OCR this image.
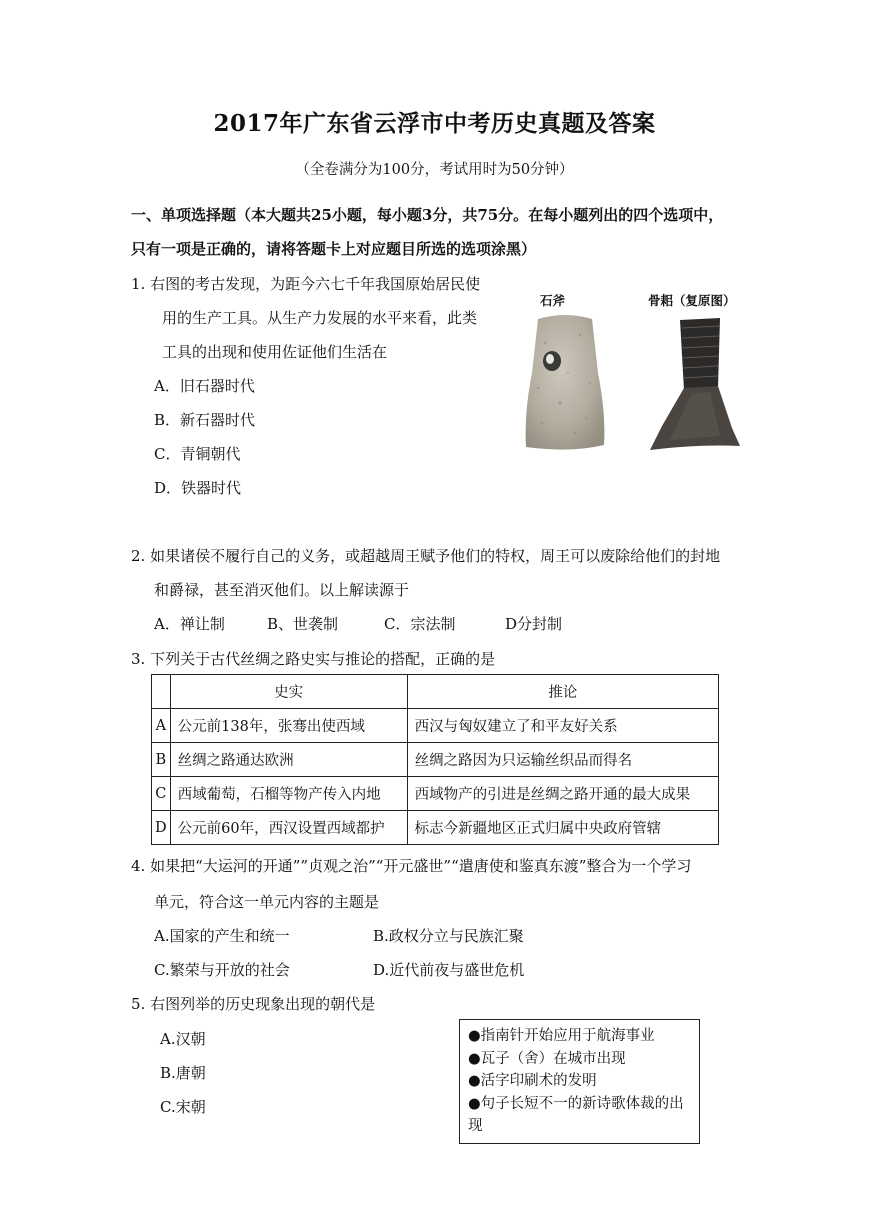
2017年广东省云浮市中考历史真题及答案
（全卷满分为100分，考试用时为50分钟）
一、单项选择题（本大题共25小题，每小题3分，共75分。在每小题列出的四个选项中，
只有一项是正确的，请将答题卡上对应题目所选的选项涂黑）
1. 右图的考古发现，为距今六七千年我国原始居民使
用的生产工具。从生产力发展的水平来看，此类
工具的出现和使用佐证他们生活在
A．旧石器时代
B．新石器时代
C．青铜朝代
D．铁器时代
石斧	骨耜（复原图）
2. 如果诸侯不履行自己的义务，或超越周王赋予他们的特权，周王可以废除给他们的封地
和爵禄，甚至消灭他们。以上解读源于
A．禅让制	B、世袭制	C．宗法制	D分封制
3. 下列关于古代丝绸之路史实与推论的搭配，正确的是
	史实	推论
A	公元前138年，张骞出使西域	西汉与匈奴建立了和平友好关系
B	丝绸之路通达欧洲	丝绸之路因为只运输丝织品而得名
C	西域葡萄，石榴等物产传入内地	西域物产的引进是丝绸之路开通的最大成果
D	公元前60年，西汉设置西域都护	标志今新疆地区正式归属中央政府管辖
4. 如果把“大运河的开通””贞观之治”“开元盛世”“遣唐使和鉴真东渡”整合为一个学习
单元，符合这一单元内容的主题是
A.国家的产生和统一	B.政权分立与民族汇聚
C.繁荣与开放的社会	D.近代前夜与盛世危机
5. 右图列举的历史现象出现的朝代是
A.汉朝
B.唐朝
C.宋朝
●指南针开始应用于航海事业
●瓦子（舍）在城市出现
●活字印刷术的发明
●句子长短不一的新诗歌体裁的出现
